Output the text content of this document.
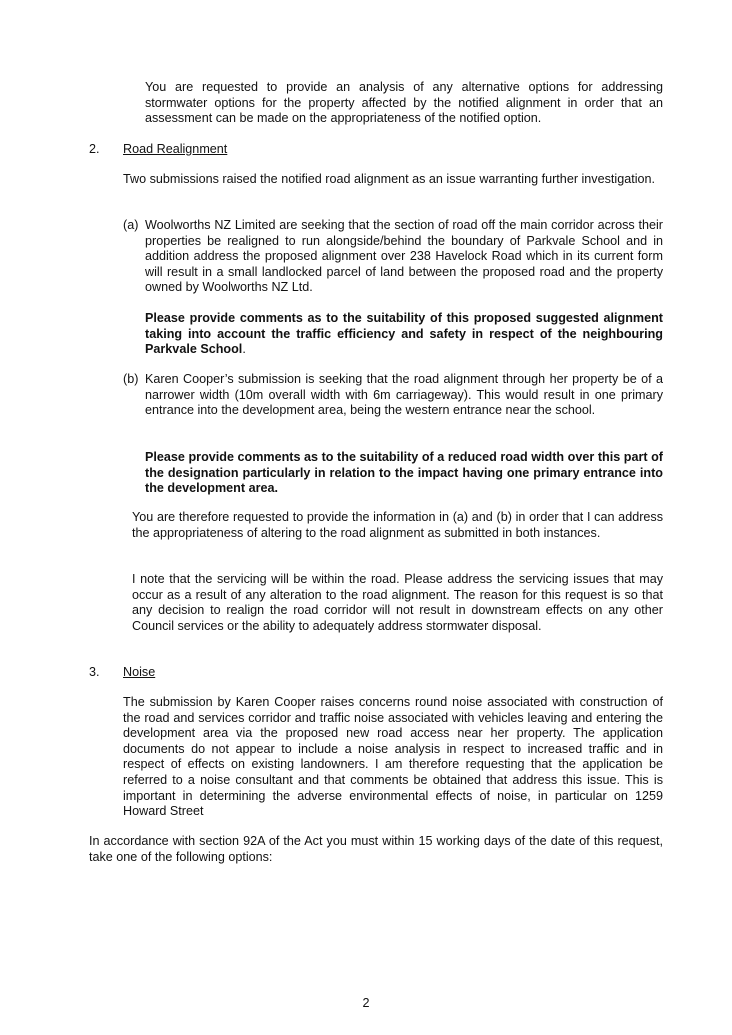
You are requested to provide an analysis of any alternative options for addressing stormwater options for the property affected by the notified alignment in order that an assessment can be made on the appropriateness of the notified option.

2. Road Realignment

Two submissions raised the notified road alignment as an issue warranting further investigation.

(a) Woolworths NZ Limited are seeking that the section of road off the main corridor across their properties be realigned to run alongside/behind the boundary of Parkvale School and in addition address the proposed alignment over 238 Havelock Road which in its current form will result in a small landlocked parcel of land between the proposed road and the property owned by Woolworths NZ Ltd.

Please provide comments as to the suitability of this proposed suggested alignment taking into account the traffic efficiency and safety in respect of the neighbouring Parkvale School.

(b) Karen Cooper’s submission is seeking that the road alignment through her property be of a narrower width (10m overall width with 6m carriageway). This would result in one primary entrance into the development area, being the western entrance near the school.

Please provide comments as to the suitability of a reduced road width over this part of the designation particularly in relation to the impact having one primary entrance into the development area.

You are therefore requested to provide the information in (a) and (b) in order that I can address the appropriateness of altering to the road alignment as submitted in both instances.

I note that the servicing will be within the road. Please address the servicing issues that may occur as a result of any alteration to the road alignment. The reason for this request is so that any decision to realign the road corridor will not result in downstream effects on any other Council services or the ability to adequately address stormwater disposal.

3. Noise

The submission by Karen Cooper raises concerns round noise associated with construction of the road and services corridor and traffic noise associated with vehicles leaving and entering the development area via the proposed new road access near her property. The application documents do not appear to include a noise analysis in respect to increased traffic and in respect of effects on existing landowners. I am therefore requesting that the application be referred to a noise consultant and that comments be obtained that address this issue. This is important in determining the adverse environmental effects of noise, in particular on 1259 Howard Street

In accordance with section 92A of the Act you must within 15 working days of the date of this request, take one of the following options:

2
